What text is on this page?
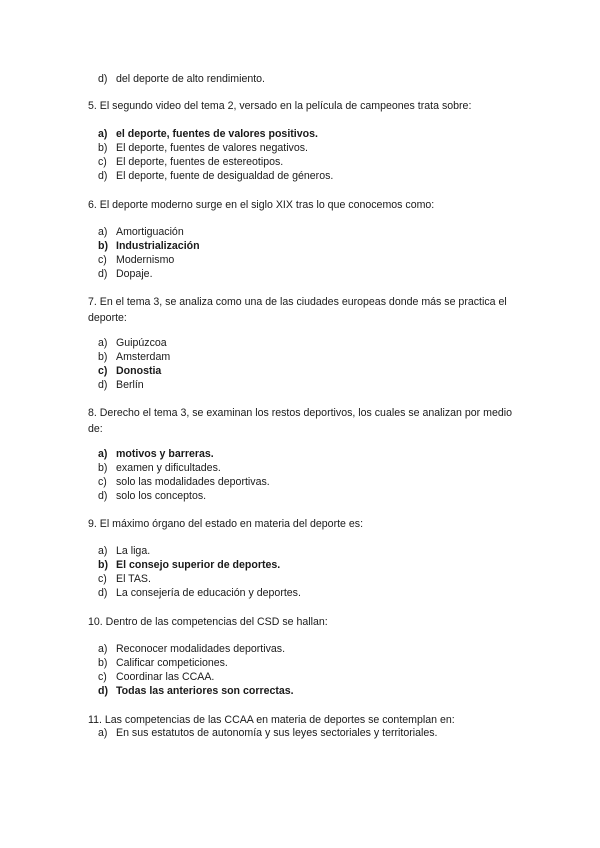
d) del deporte de alto rendimiento.
5. El segundo video del tema 2, versado en la película de campeones trata sobre:
a) el deporte, fuentes de valores positivos.
b) El deporte, fuentes de valores negativos.
c) El deporte, fuentes de estereotipos.
d) El deporte, fuente de desigualdad de géneros.
6. El deporte moderno surge en el siglo XIX tras lo que conocemos como:
a) Amortiguación
b) Industrialización
c) Modernismo
d) Dopaje.
7. En el tema 3, se analiza como una de las ciudades europeas donde más se practica el deporte:
a) Guipúzcoa
b) Amsterdam
c) Donostia
d) Berlín
8. Derecho el tema 3, se examinan los restos deportivos, los cuales se analizan por medio de:
a) motivos y barreras.
b) examen y dificultades.
c) solo las modalidades deportivas.
d) solo los conceptos.
9. El máximo órgano del estado en materia del deporte es:
a) La liga.
b) El consejo superior de deportes.
c) El TAS.
d) La consejería de educación y deportes.
10. Dentro de las competencias del CSD se hallan:
a) Reconocer modalidades deportivas.
b) Calificar competiciones.
c) Coordinar las CCAA.
d) Todas las anteriores son correctas.
11. Las competencias de las CCAA en materia de deportes se contemplan en:
a) En sus estatutos de autonomía y sus leyes sectoriales y territoriales.
